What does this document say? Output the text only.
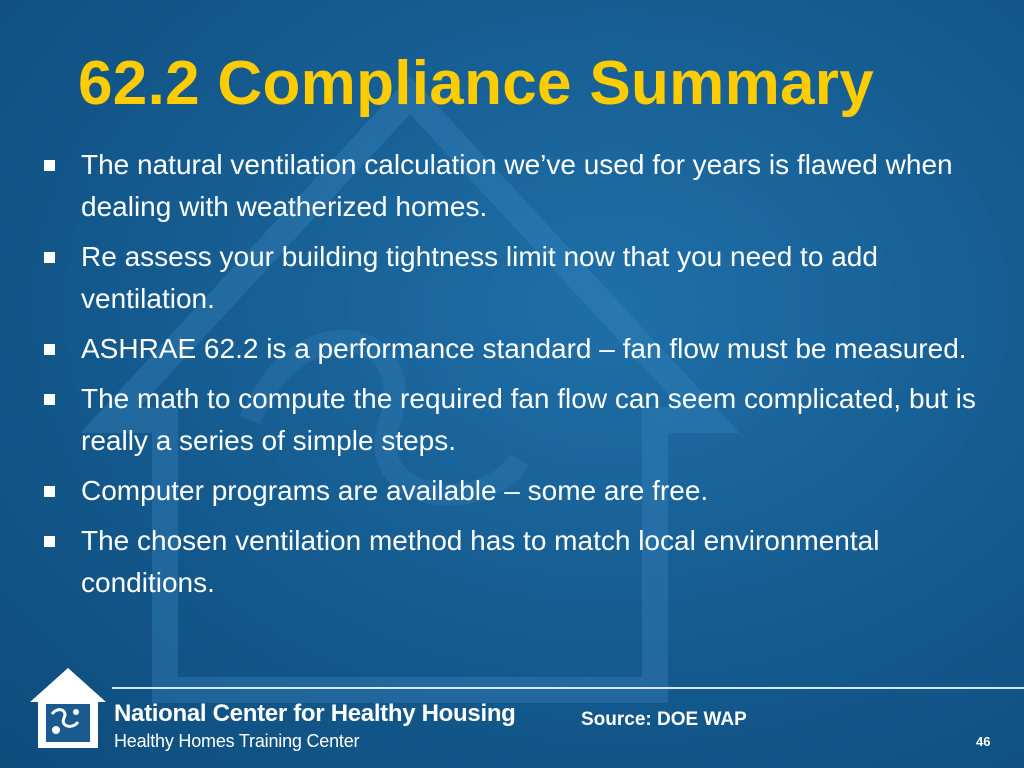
62.2 Compliance Summary
The natural ventilation calculation we’ve used for years is flawed when dealing with weatherized homes.
Re assess your building tightness limit now that you need to add ventilation.
ASHRAE 62.2 is a performance standard – fan flow must be measured.
The math to compute the required fan flow can seem complicated, but is really a series of simple steps.
Computer programs are available – some are free.
The chosen ventilation method has to match local environmental conditions.
National Center for Healthy Housing
Healthy Homes Training Center
Source: DOE WAP
46
